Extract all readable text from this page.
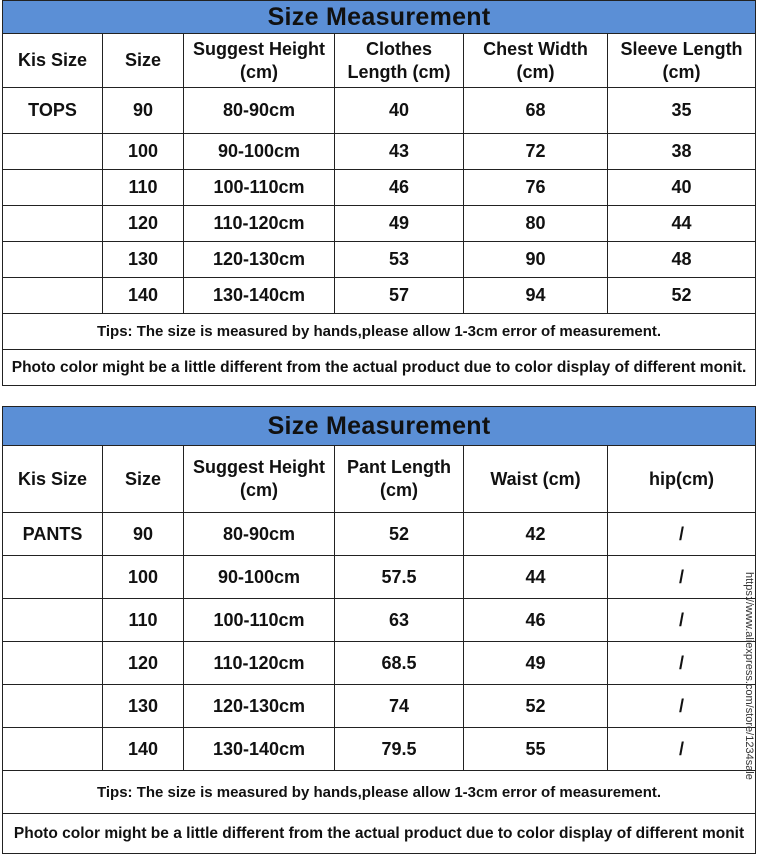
Size Measurement					
Kis Size	Size	Suggest Height (cm)	Clothes Length (cm)	Chest Width (cm)	Sleeve Length (cm)
TOPS	90	80-90cm	40	68	35
	100	90-100cm	43	72	38
	110	100-110cm	46	76	40
	120	110-120cm	49	80	44
	130	120-130cm	53	90	48
	140	130-140cm	57	94	52
Tips: The size is measured by hands,please allow 1-3cm error of measurement.					
Photo color might be a little different from the actual product due to color display of different monit.					
Size Measurement					
Kis Size	Size	Suggest Height (cm)	Pant Length (cm)	Waist (cm)	hip(cm)
PANTS	90	80-90cm	52	42	/
	100	90-100cm	57.5	44	/
	110	100-110cm	63	46	/
	120	110-120cm	68.5	49	/
	130	120-130cm	74	52	/
	140	130-140cm	79.5	55	/
Tips: The size is measured by hands,please allow 1-3cm error of measurement.					
Photo color might be a little different from the actual product due to color display of different monit					
https://www.aliexpress.com/store/1234sale
